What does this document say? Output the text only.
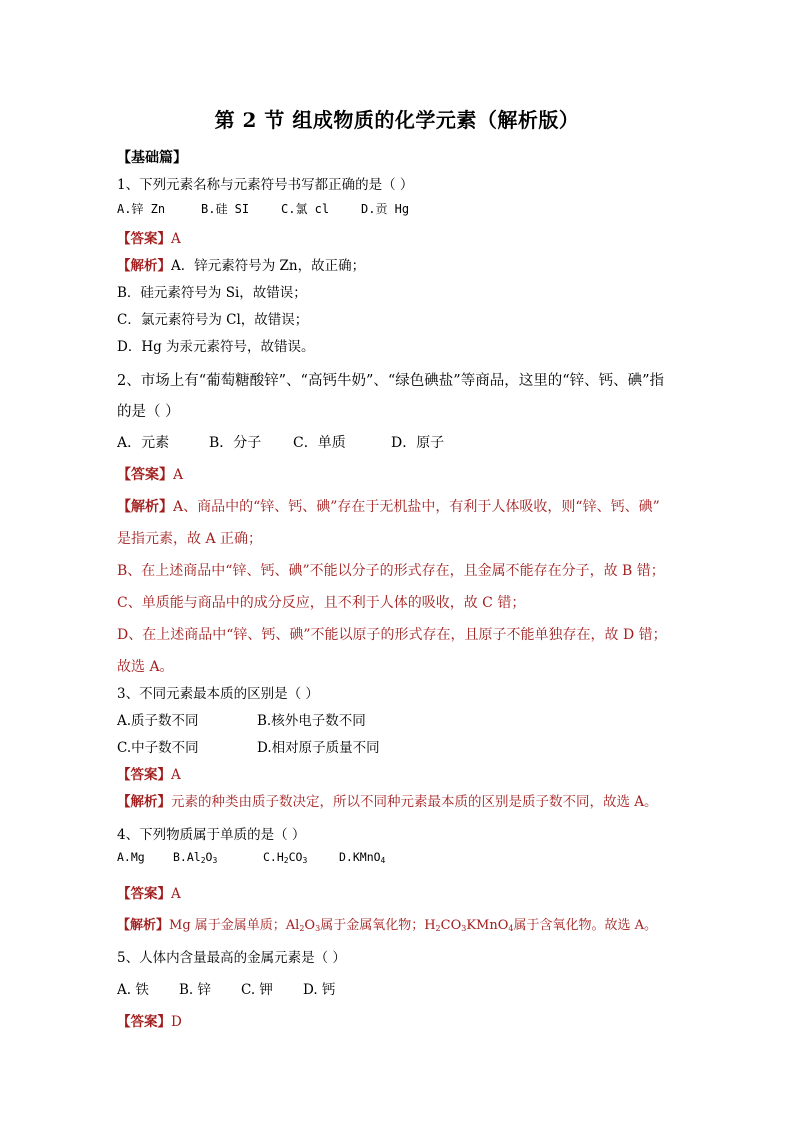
第 2 节 组成物质的化学元素（解析版）
【基础篇】
1、下列元素名称与元素符号书写都正确的是（ ）
A.锌 Zn	B.硅 SI	C.氯 cl	D.贡 Hg
【答案】A
【解析】A．锌元素符号为 Zn，故正确；
B．硅元素符号为 Si，故错误；
C．氯元素符号为 Cl，故错误；
D．Hg 为汞元素符号，故错误。
2、市场上有“葡萄糖酸锌”、“高钙牛奶”、“绿色碘盐”等商品，这里的“锌、钙、碘”指
的是（ ）
A．元素	B．分子 C．单质	D．原子
【答案】A
【解析】A、商品中的“锌、钙、碘”存在于无机盐中，有利于人体吸收，则“锌、钙、碘”
是指元素，故 A 正确；
B、在上述商品中“锌、钙、碘”不能以分子的形式存在，且金属不能存在分子，故 B 错；
C、单质能与商品中的成分反应，且不利于人体的吸收，故 C 错；
D、在上述商品中“锌、钙、碘”不能以原子的形式存在，且原子不能单独存在，故 D 错；
故选 A。
3、不同元素最本质的区别是（ ）
A.质子数不同	B.核外电子数不同
C.中子数不同	D.相对原子质量不同
【答案】A
【解析】元素的种类由质子数决定，所以不同种元素最本质的区别是质子数不同，故选 A。
4、下列物质属于单质的是（ ）
A.Mg $B.Al_2O_3$	$C.H_2CO_3$	D.KMnO$_4$
【答案】A
【解析】Mg 属于金属单质；$Al_2O_3$属于金属氧化物；$H_2CO_3KMnO_4$属于含氧化物。故选 A。
5、人体内含量最高的金属元素是（ ）
A. 铁 B. 锌 C. 钾 D. 钙
【答案】D
